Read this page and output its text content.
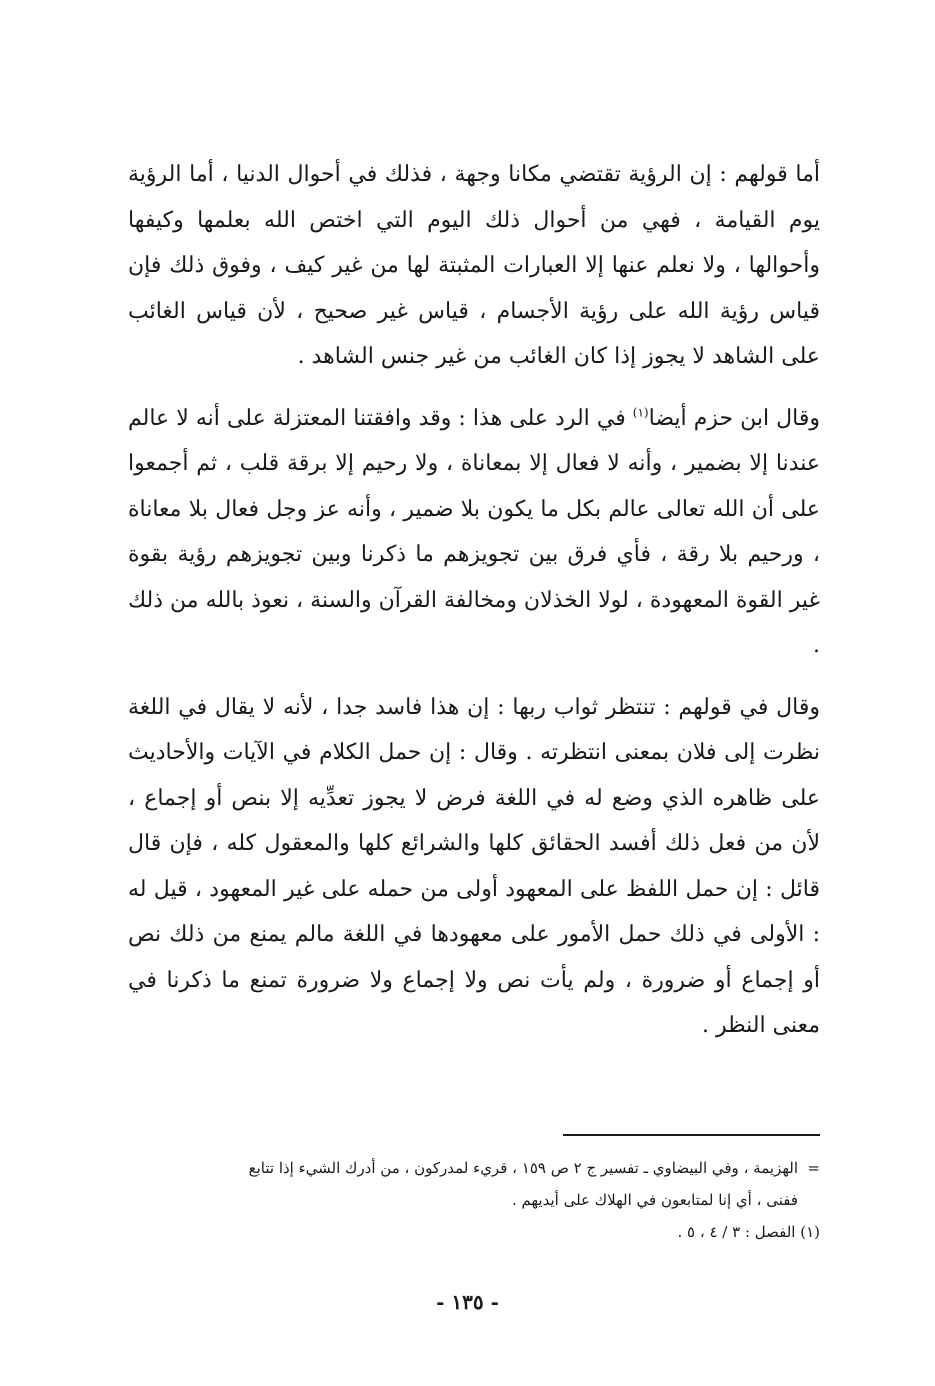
أما قولهم : إن الرؤية تقتضي مكانا وجهة ، فذلك في أحوال الدنيا ، أما الرؤية يوم القيامة ، فهي من أحوال ذلك اليوم التي اختص الله بعلمها وكيفها وأحوالها ، ولا نعلم عنها إلا العبارات المثبتة لها من غير كيف ، وفوق ذلك فإن قياس رؤية الله على رؤية الأجسام ، قياس غير صحيح ، لأن قياس الغائب على الشاهد لا يجوز إذا كان الغائب من غير جنس الشاهد .

وقال ابن حزم أيضا$^{(١)}$ في الرد على هذا : وقد وافقتنا المعتزلة على أنه لا عالم عندنا إلا بضمير ، وأنه لا فعال إلا بمعاناة ، ولا رحيم إلا برقة قلب ، ثم أجمعوا على أن الله تعالى عالم بكل ما يكون بلا ضمير ، وأنه عز وجل فعال بلا معاناة ، ورحيم بلا رقة ، فأي فرق بين تجويزهم ما ذكرنا وبين تجويزهم رؤية بقوة غير القوة المعهودة ، لولا الخذلان ومخالفة القرآن والسنة ، نعوذ بالله من ذلك .

وقال في قولهم : تنتظر ثواب ربها : إن هذا فاسد جدا ، لأنه لا يقال في اللغة نظرت إلى فلان بمعنى انتظرته . وقال : إن حمل الكلام في الآيات والأحاديث على ظاهره الذي وضع له في اللغة فرض لا يجوز تعدِّيه إلا بنص أو إجماع ، لأن من فعل ذلك أفسد الحقائق كلها والشرائع كلها والمعقول كله ، فإن قال قائل : إن حمل اللفظ على المعهود أولى من حمله على غير المعهود ، قيل له : الأولى في ذلك حمل الأمور على معهودها في اللغة مالم يمنع من ذلك نص أو إجماع أو ضرورة ، ولم يأت نص ولا إجماع ولا ضرورة تمنع ما ذكرنا في معنى النظر .

=
الهزيمة ، وفي البيضاوي ـ تفسير ج ٢ ص ١٥٩ ، قريء لمدركون ، من أدرك الشيء إذا تتابع

ففنى ، أي إنا لمتابعون في الهلاك على أيديهم .

(١) الفصل : ٣ / ٤ ، ٥ .

- ١٣٥ -
